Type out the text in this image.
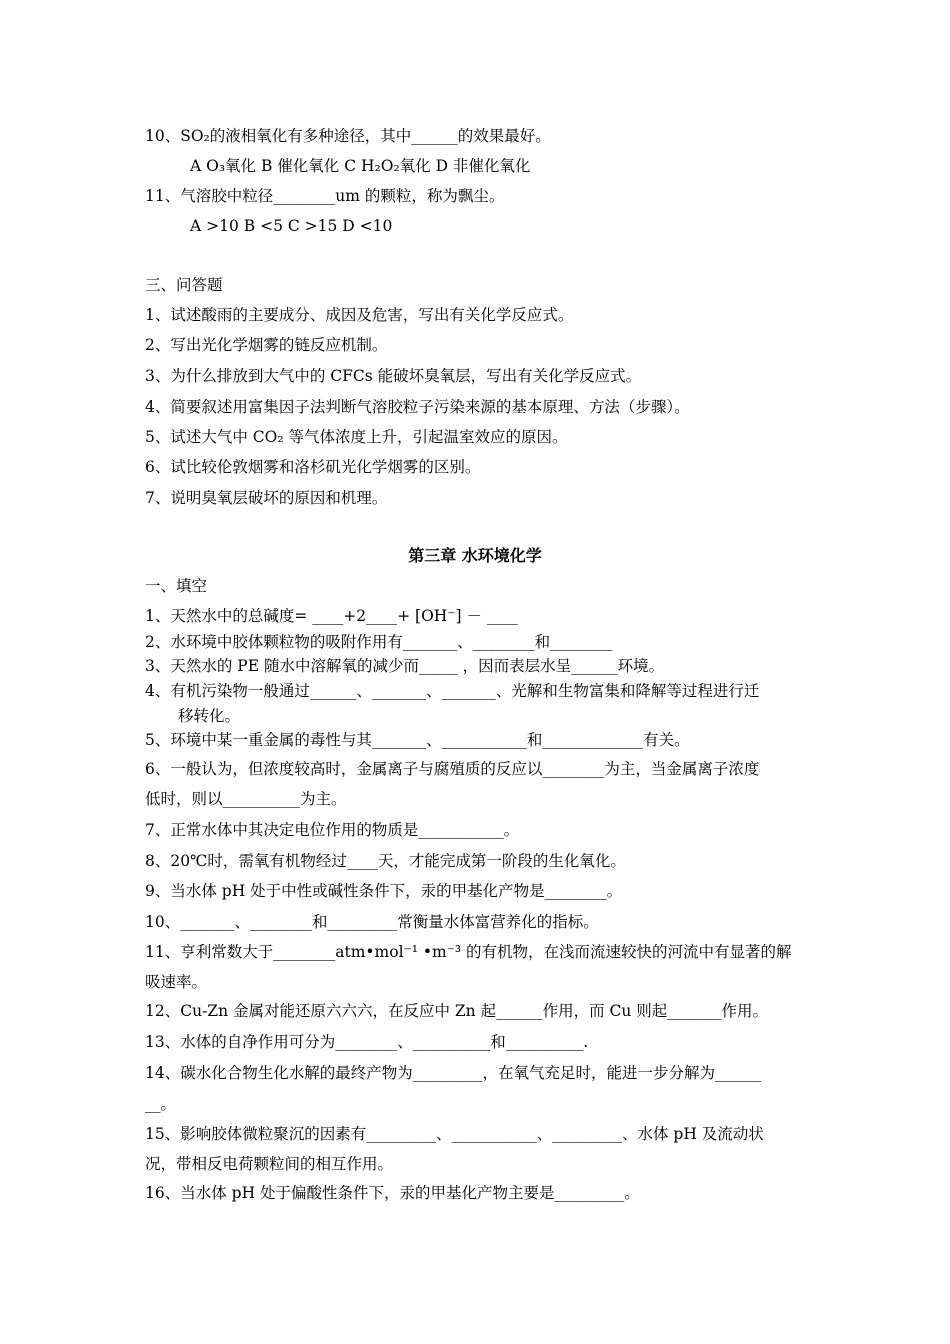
10、SO₂的液相氧化有多种途径，其中______的效果最好。
A O₃氧化 B 催化氧化 C H₂O₂氧化 D 非催化氧化
11、气溶胶中粒径________um 的颗粒，称为飘尘。
A >10 B <5 C >15 D <10
三、问答题
1、试述酸雨的主要成分、成因及危害，写出有关化学反应式。
2、写出光化学烟雾的链反应机制。
3、为什么排放到大气中的 CFCs 能破坏臭氧层，写出有关化学反应式。
4、简要叙述用富集因子法判断气溶胶粒子污染来源的基本原理、方法（步骤）。
5、试述大气中 CO₂ 等气体浓度上升，引起温室效应的原因。
6、试比较伦敦烟雾和洛杉矶光化学烟雾的区别。
7、说明臭氧层破坏的原因和机理。
第三章 水环境化学
一、填空
1、天然水中的总碱度= ____+2____+ [OH⁻] － ____
2、水环境中胶体颗粒物的吸附作用有_______、________和________
3、天然水的 PE 随水中溶解氧的减少而_____ ，因而表层水呈______环境。
4、有机污染物一般通过______、_______、_______、光解和生物富集和降解等过程进行迁
移转化。
5、环境中某一重金属的毒性与其_______、___________和_____________有关。
6、一般认为，但浓度较高时，金属离子与腐殖质的反应以________为主，当金属离子浓度
低时，则以__________为主。
7、正常水体中其决定电位作用的物质是___________。
8、20℃时，需氧有机物经过____天，才能完成第一阶段的生化氧化。
9、当水体 pH 处于中性或碱性条件下，汞的甲基化产物是________。
10、_______、________和_________常衡量水体富营养化的指标。
11、亨利常数大于________atm•mol⁻¹ •m⁻³ 的有机物，在浅而流速较快的河流中有显著的解
吸速率。
12、Cu-Zn 金属对能还原六六六，在反应中 Zn 起______作用，而 Cu 则起_______作用。
13、水体的自净作用可分为________、__________和__________.
14、碳水化合物生化水解的最终产物为_________，在氧气充足时，能进一步分解为______
__。
15、影响胶体微粒聚沉的因素有_________、___________、_________、水体 pH 及流动状
况，带相反电荷颗粒间的相互作用。
16、当水体 pH 处于偏酸性条件下，汞的甲基化产物主要是_________。
